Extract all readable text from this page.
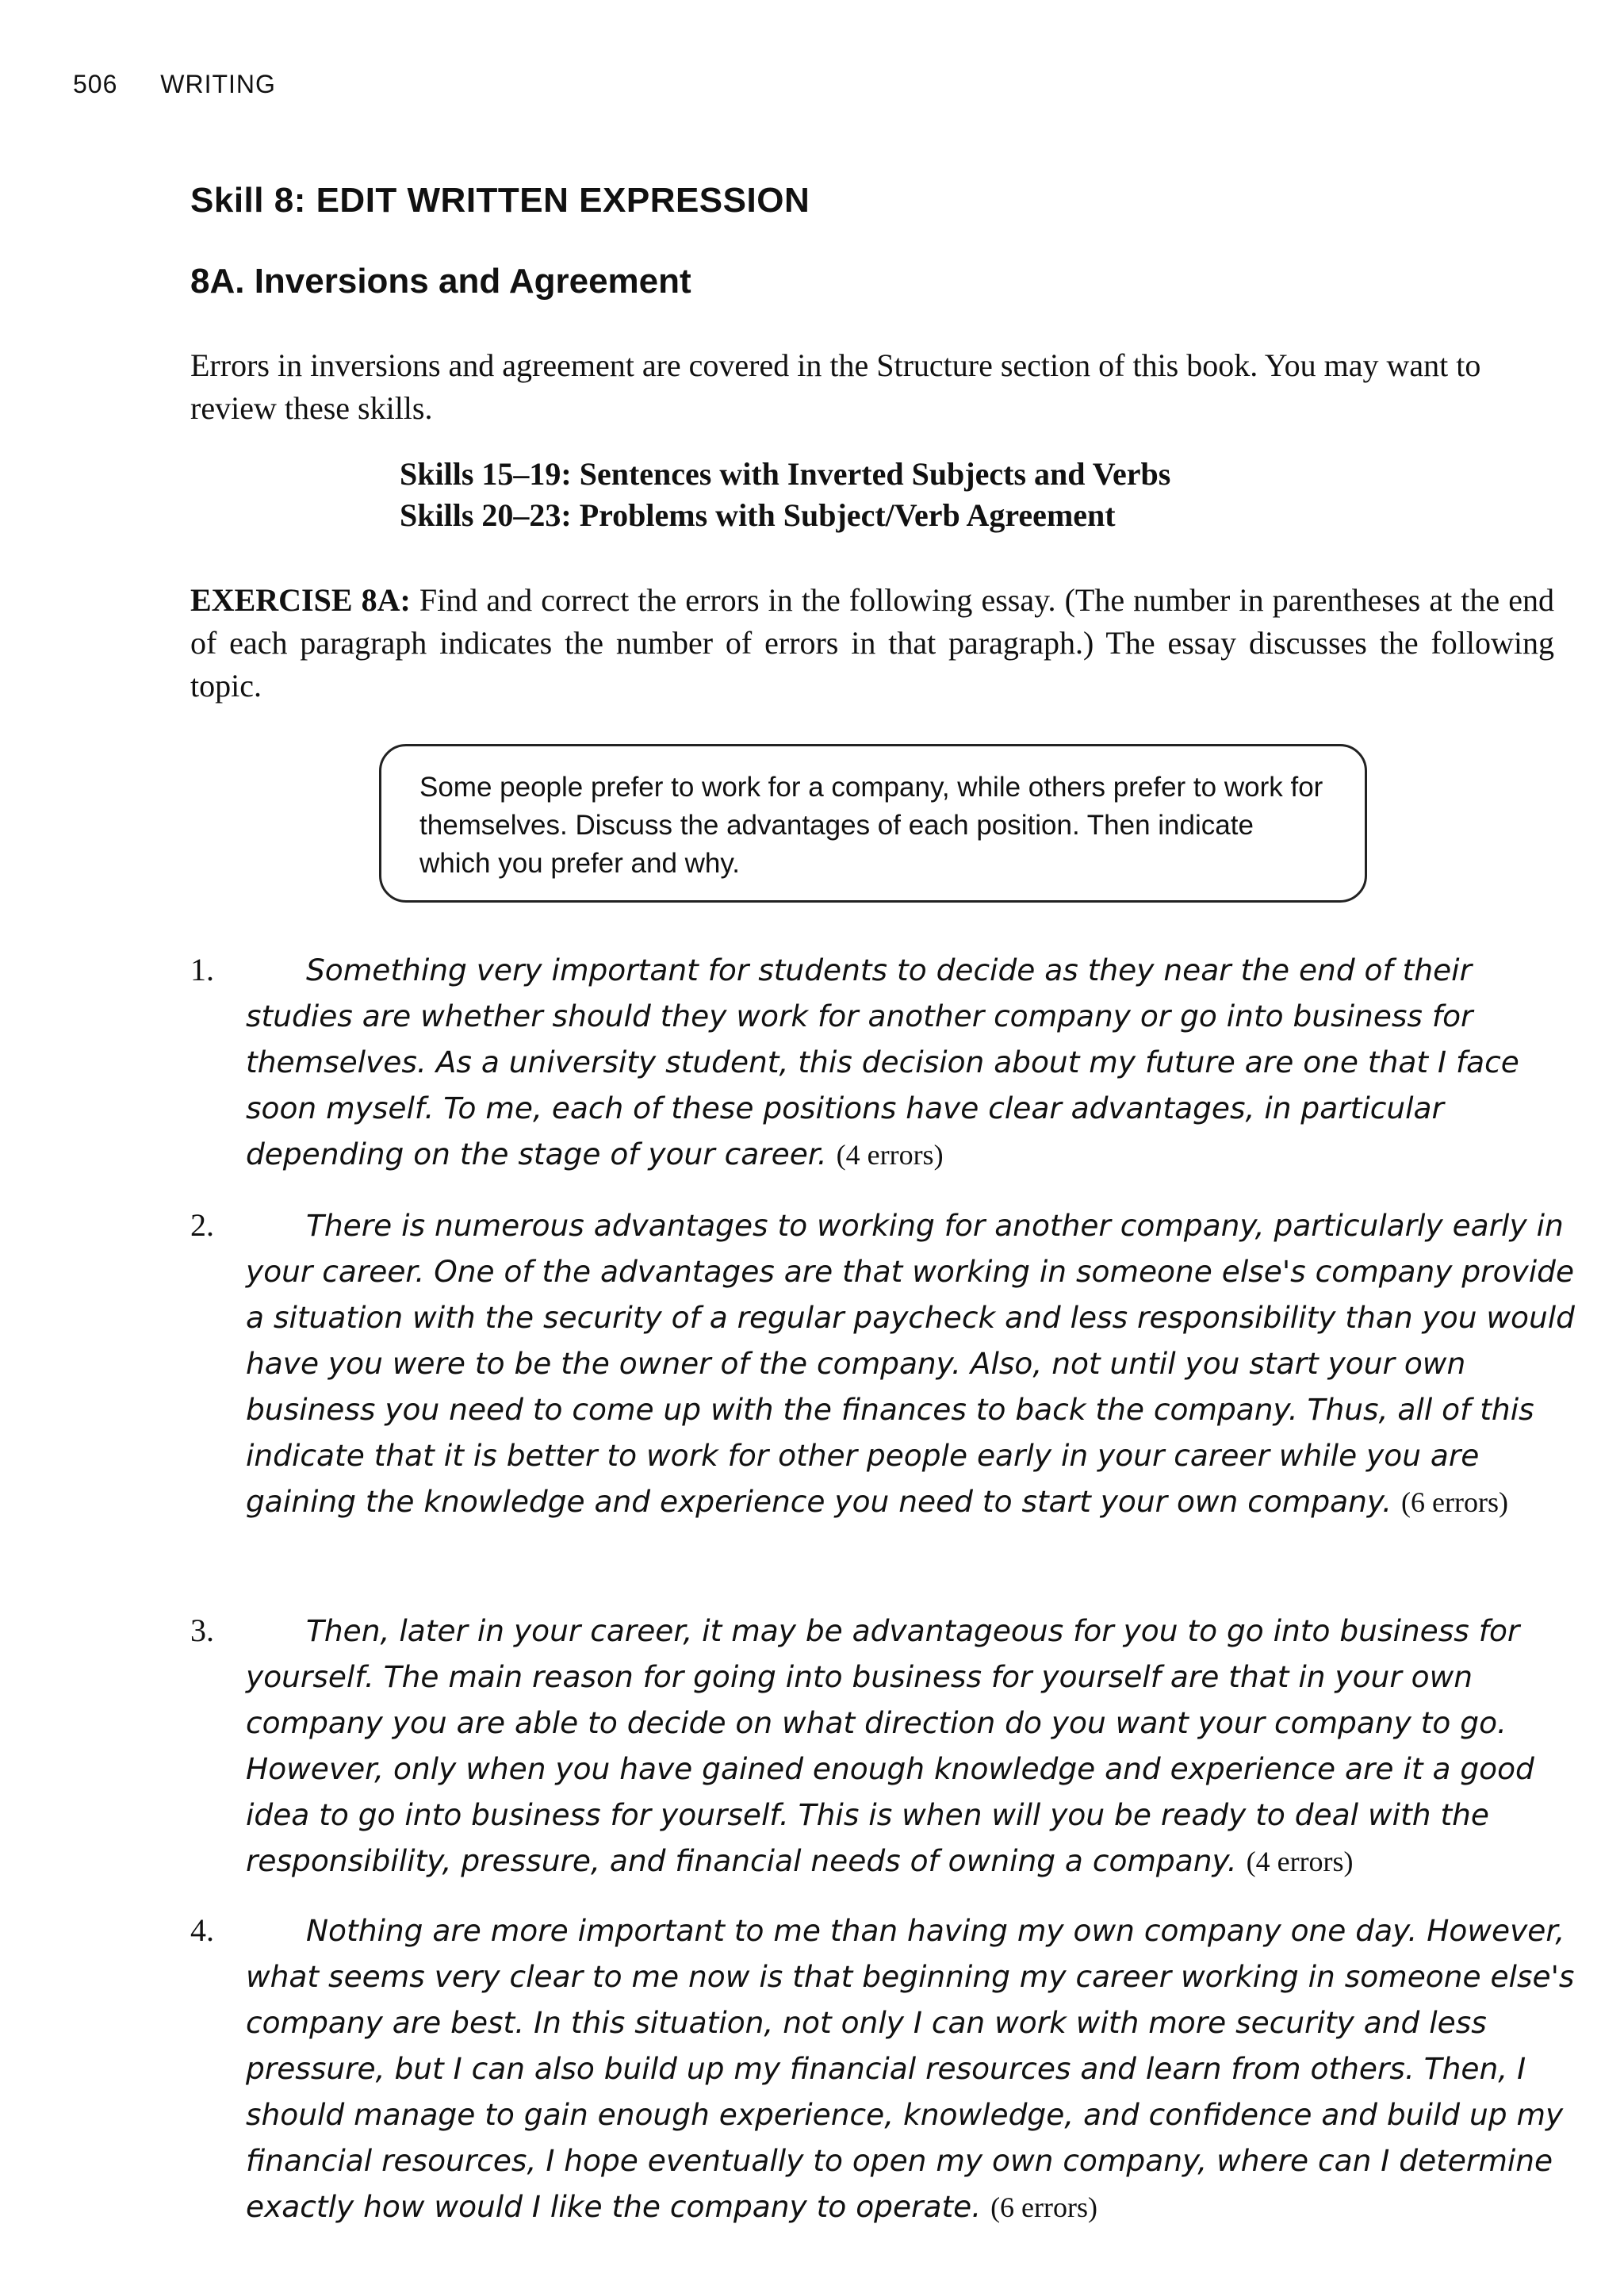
506 WRITING
Skill 8: EDIT WRITTEN EXPRESSION
8A. Inversions and Agreement
Errors in inversions and agreement are covered in the Structure section of this book. You may want to review these skills.
Skills 15–19: Sentences with Inverted Subjects and Verbs
Skills 20–23: Problems with Subject/Verb Agreement
EXERCISE 8A: Find and correct the errors in the following essay. (The number in parentheses at the end of each paragraph indicates the number of errors in that paragraph.) The essay discusses the following topic.
Some people prefer to work for a company, while others prefer to work for themselves. Discuss the advantages of each position. Then indicate which you prefer and why.
1.	Something very important for students to decide as they near the end of their studies are whether should they work for another company or go into business for themselves. As a university student, this decision about my future are one that I face soon myself. To me, each of these positions have clear advantages, in particular depending on the stage of your career. (4 errors)
2.	There is numerous advantages to working for another company, particularly early in your career. One of the advantages are that working in someone else's company provide a situation with the security of a regular paycheck and less responsibility than you would have you were to be the owner of the company. Also, not until you start your own business you need to come up with the finances to back the company. Thus, all of this indicate that it is better to work for other people early in your career while you are gaining the knowledge and experience you need to start your own company. (6 errors)
3.	Then, later in your career, it may be advantageous for you to go into business for yourself. The main reason for going into business for yourself are that in your own company you are able to decide on what direction do you want your company to go. However, only when you have gained enough knowledge and experience are it a good idea to go into business for yourself. This is when will you be ready to deal with the responsibility, pressure, and financial needs of owning a company. (4 errors)
4.	Nothing are more important to me than having my own company one day. However, what seems very clear to me now is that beginning my career working in someone else's company are best. In this situation, not only I can work with more security and less pressure, but I can also build up my financial resources and learn from others. Then, I should manage to gain enough experience, knowledge, and confidence and build up my financial resources, I hope eventually to open my own company, where can I determine exactly how would I like the company to operate. (6 errors)
